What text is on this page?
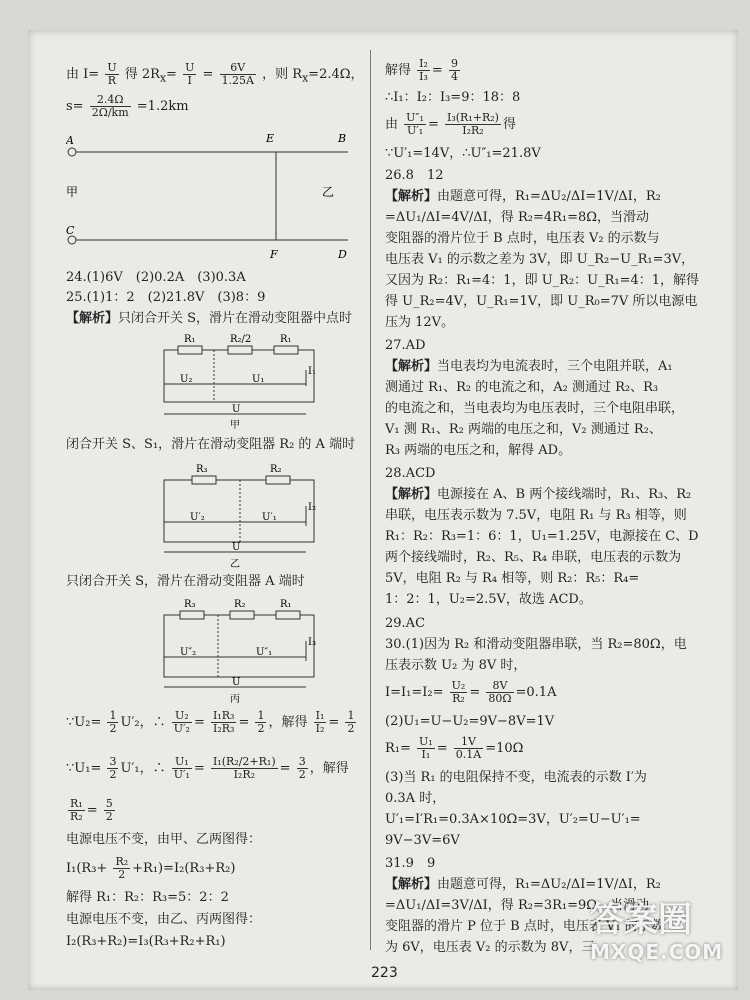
由 $I= \frac{U}{R}$ 得 $2R_x= \frac{U}{I} = \frac{6V}{1.25A}$ ，则 $R_x=2.4\Omega$，
$s= \frac{2.4\Omega}{2\Omega/km} =1.2km$
A	B
E
甲	乙
C
F	D
24.(1)6V　(2)0.2A　(3)0.3A
25.(1)1：2　(2)21.8V　(3)8：9
【解析】只闭合开关 S，滑片在滑动变阻器中点时
R₁	R₂/2	R₁
I₁
U₂	U₁
U
甲
闭合开关 S、S₁，滑片在滑动变阻器 R₂ 的 A 端时
R₃	R₂
I₂
U′₂	U′₁
U
乙
只闭合开关 S，滑片在滑动变阻器 A 端时
R₃	R₂	R₁
I₃
U″₂	U″₁
U
丙
∵U₂= $\frac{1}{2} U'_2$，∴ $\frac{\text{U₂}}{\text{U′₂}} = \frac{\text{I₁R₃}}{\text{I₂R₃}} = \frac{1}{2}$ ，解得 $\frac{\text{I₁}}{\text{I₂}} = \frac{1}{2}$
∵U₁= $\frac{3}{2} U'_1$，∴ $\frac{\text{U₁}}{\text{U′₁}} = \frac{\text{I₁(R₂/2+R₁)}}{\text{I₂R₂}} = \frac{3}{2}$ ，解得
$\frac{\text{R₁}}{\text{R₂}} = \frac{5}{2}$
电源电压不变，由甲、乙两图得：
$I_1(R_3+ \frac{\text{R₂}}{2} +R_1)=I_2(R_3+R_2)$
解得 R₁：R₂：R₃=5：2：2
电源电压不变，由乙、丙两图得：
I₂(R₃+R₂)=I₃(R₃+R₂+R₁)
解得 $\frac{\text{I₂}}{\text{I₃}} = \frac{9}{4}$
∴I₁：I₂：I₃=9：18：8
由 $\frac{\text{U″₁}}{\text{U′₁}} = \frac{\text{I₃(R₁+R₂)}}{\text{I₂R₂}}$ 得
∵U′₁=14V，∴U″₁=21.8V
26.8　12
【解析】由题意可得，R₁=ΔU₂/ΔI=1V/ΔI，R₂
=ΔU₁/ΔI=4V/ΔI，得 R₂=4R₁=8Ω，当滑动
变阻器的滑片位于 B 点时，电压表 V₂ 的示数与
电压表 V₁ 的示数之差为 3V，即 U_R₂−U_R₁=3V，
又因为 R₂：R₁=4：1，即 U_R₂：U_R₁=4：1，解得
得 U_R₂=4V，U_R₁=1V，即 U_R₀=7V 所以电源电
压为 12V。
27.AD
【解析】当电表均为电流表时，三个电阻并联，A₁
测通过 R₁、R₂ 的电流之和，A₂ 测通过 R₂、R₃
的电流之和，当电表均为电压表时，三个电阻串联，
V₁ 测 R₁、R₂ 两端的电压之和，V₂ 测通过 R₂、
R₃ 两端的电压之和，解得 AD。
28.ACD
【解析】电源接在 A、B 两个接线端时，R₁、R₃、R₂
串联，电压表示数为 7.5V，电阻 R₁ 与 R₃ 相等，则
R₁：R₂：R₃=1：6：1，U₁=1.25V，电源接在 C、D
两个接线端时，R₂、R₅、R₄ 串联，电压表的示数为
5V，电阻 R₂ 与 R₄ 相等，则 R₂：R₅：R₄=
1：2：1，U₂=2.5V，故选 ACD。
29.AC
30.(1)因为 R₂ 和滑动变阻器串联，当 R₂=80Ω，电
压表示数 U₂ 为 8V 时，
$I=I_1=I_2= \frac{\text{U₂}}{\text{R₂}} = \frac{8V}{80\Omega} =0.1A$
(2)U₁=U−U₂=9V−8V=1V
$R_1= \frac{\text{U₁}}{\text{I₁}} = \frac{1V}{0.1A} =10\Omega$
(3)当 R₁ 的电阻保持不变，电流表的示数 I′为
0.3A 时，
U′₁=I′R₁=0.3A×10Ω=3V，U′₂=U−U′₁=
9V−3V=6V
31.9　9
【解析】由题意可得，R₁=ΔU₂/ΔI=1V/ΔI，R₂
=ΔU₁/ΔI=3V/ΔI，得 R₂=3R₁=9Ω，当滑动
变阻器的滑片 P 位于 B 点时，电压表 V₁ 的示数
为 6V，电压表 V₂ 的示数为 8V，三
223
答案圈
MXQE.COM
